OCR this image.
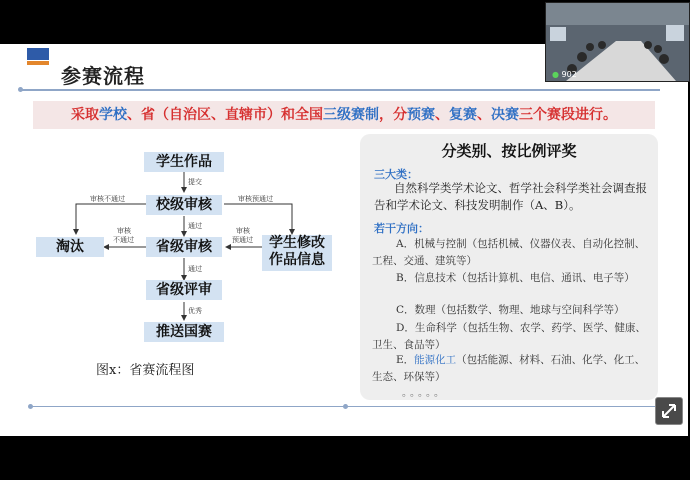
参赛流程
采取学校、省（自治区、直辖市）和全国三级赛制，分预赛、复赛、决赛三个赛段进行。
学生作品
校级审核
省级审核
淘汰	学生修改
作品信息
省级评审
推送国赛
提交
审核不通过	审核预通过
通过
审核
不通过
审核
预通过
通过
优秀
图x：省赛流程图
分类别、按比例评奖
三大类：
自然科学类学术论文、哲学社会科学类社会调查报告和学术论文、科技发明制作（A、B）。
若干方向：
A．机械与控制（包括机械、仪器仪表、自动化控制、工程、交通、建筑等）
B．信息技术（包括计算机、电信、通讯、电子等）
C．数理（包括数学、物理、地球与空间科学等）
D．生命科学（包括生物、农学、药学、医学、健康、卫生、食品等）
E．能源化工（包括能源、材料、石油、化学、化工、生态、环保等）
。。。。。
● 902
